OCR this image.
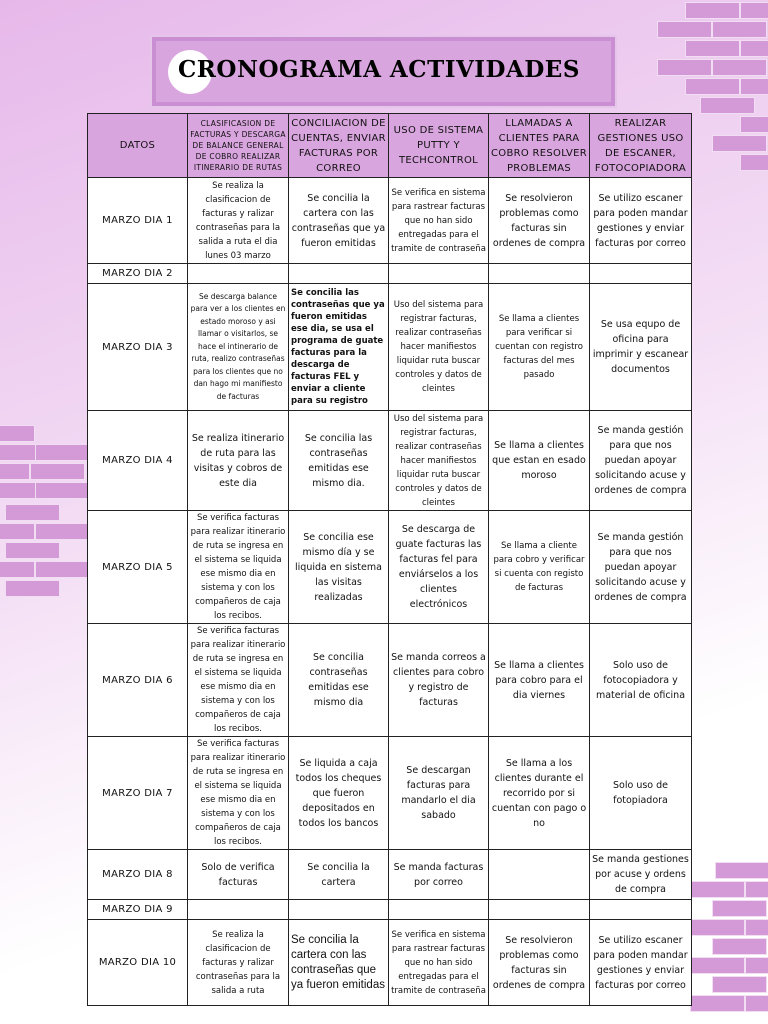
CRONOGRAMA ACTIVIDADES
DATOS	CLASIFICASION DE FACTURAS Y DESCARGA DE BALANCE GENERAL DE COBRO REALIZAR ITINERARIO DE RUTAS	CONCILIACION DE CUENTAS, ENVIAR FACTURAS POR CORREO	USO DE SISTEMA PUTTY Y TECHCONTROL	LLAMADAS A CLIENTES PARA COBRO RESOLVER PROBLEMAS	REALIZAR GESTIONES USO DE ESCANER, FOTOCOPIADORA
MARZO DIA 1	Se realiza la clasificacion de facturas y ralizar contraseñas para la salida a ruta el dia lunes 03 marzo	Se concilia la cartera con las contraseñas que ya fueron emitidas	Se verifica en sistema para rastrear facturas que no han sido entregadas para el tramite de contraseña	Se resolvieron problemas como facturas sin ordenes de compra	Se utilizo escaner para poden mandar gestiones y enviar facturas por correo
MARZO DIA 2					
MARZO DIA 3	Se descarga balance para ver a los clientes en estado moroso y asi llamar o visitarlos, se hace el intinerario de ruta, realizo contraseñas para los clientes que no dan hago mi manifiesto de facturas	Se concilia las contraseñas que ya fueron emitidas ese dia, se usa el programa de guate facturas para la descarga de facturas FEL y enviar a cliente para su registro	Uso del sistema para registrar facturas, realizar contraseñas hacer manifiestos liquidar ruta buscar controles y datos de cleintes	Se llama a clientes para verificar si cuentan con registro facturas del mes pasado	Se usa equpo de oficina para imprimir y escanear documentos
MARZO DIA 4	Se realiza itinerario de ruta para las visitas y cobros de este dia	Se concilia las contraseñas emitidas ese mismo dia.	Uso del sistema para registrar facturas, realizar contraseñas hacer manifiestos liquidar ruta buscar controles y datos de cleintes	Se llama a clientes que estan en esado moroso	Se manda gestión para que nos puedan apoyar solicitando acuse y ordenes de compra
MARZO DIA 5	Se verifica facturas para realizar itinerario de ruta se ingresa en el sistema se liquida ese mismo dia en sistema y con los compañeros de caja los recibos.	Se concilia ese mismo día y se liquida en sistema las visitas realizadas	Se descarga de guate facturas las facturas fel para enviárselos a los clientes electrónicos	Se llama a cliente para cobro y verificar si cuenta con registo de facturas	Se manda gestión para que nos puedan apoyar solicitando acuse y ordenes de compra
MARZO DIA 6	Se verifica facturas para realizar itinerario de ruta se ingresa en el sistema se liquida ese mismo dia en sistema y con los compañeros de caja los recibos.	Se concilia contraseñas emitidas ese mismo dia	Se manda correos a clientes para cobro y registro de facturas	Se llama a clientes para cobro para el dia viernes	Solo uso de fotocopiadora y material de oficina
MARZO DIA 7	Se verifica facturas para realizar itinerario de ruta se ingresa en el sistema se liquida ese mismo dia en sistema y con los compañeros de caja los recibos.	Se liquida a caja todos los cheques que fueron depositados en todos los bancos	Se descargan facturas para mandarlo el dia sabado	Se llama a los clientes durante el recorrido por si cuentan con pago o no	Solo uso de fotopiadora
MARZO DIA 8	Solo de verifica facturas	Se concilia la cartera	Se manda facturas por correo		Se manda gestiones por acuse y ordens de compra
MARZO DIA 9					
MARZO DIA 10	Se realiza la clasificacion de facturas y ralizar contraseñas para la salida a ruta	Se concilia la cartera con las contraseñas que ya fueron emitidas	Se verifica en sistema para rastrear facturas que no han sido entregadas para el tramite de contraseña	Se resolvieron problemas como facturas sin ordenes de compra	Se utilizo escaner para poden mandar gestiones y enviar facturas por correo
